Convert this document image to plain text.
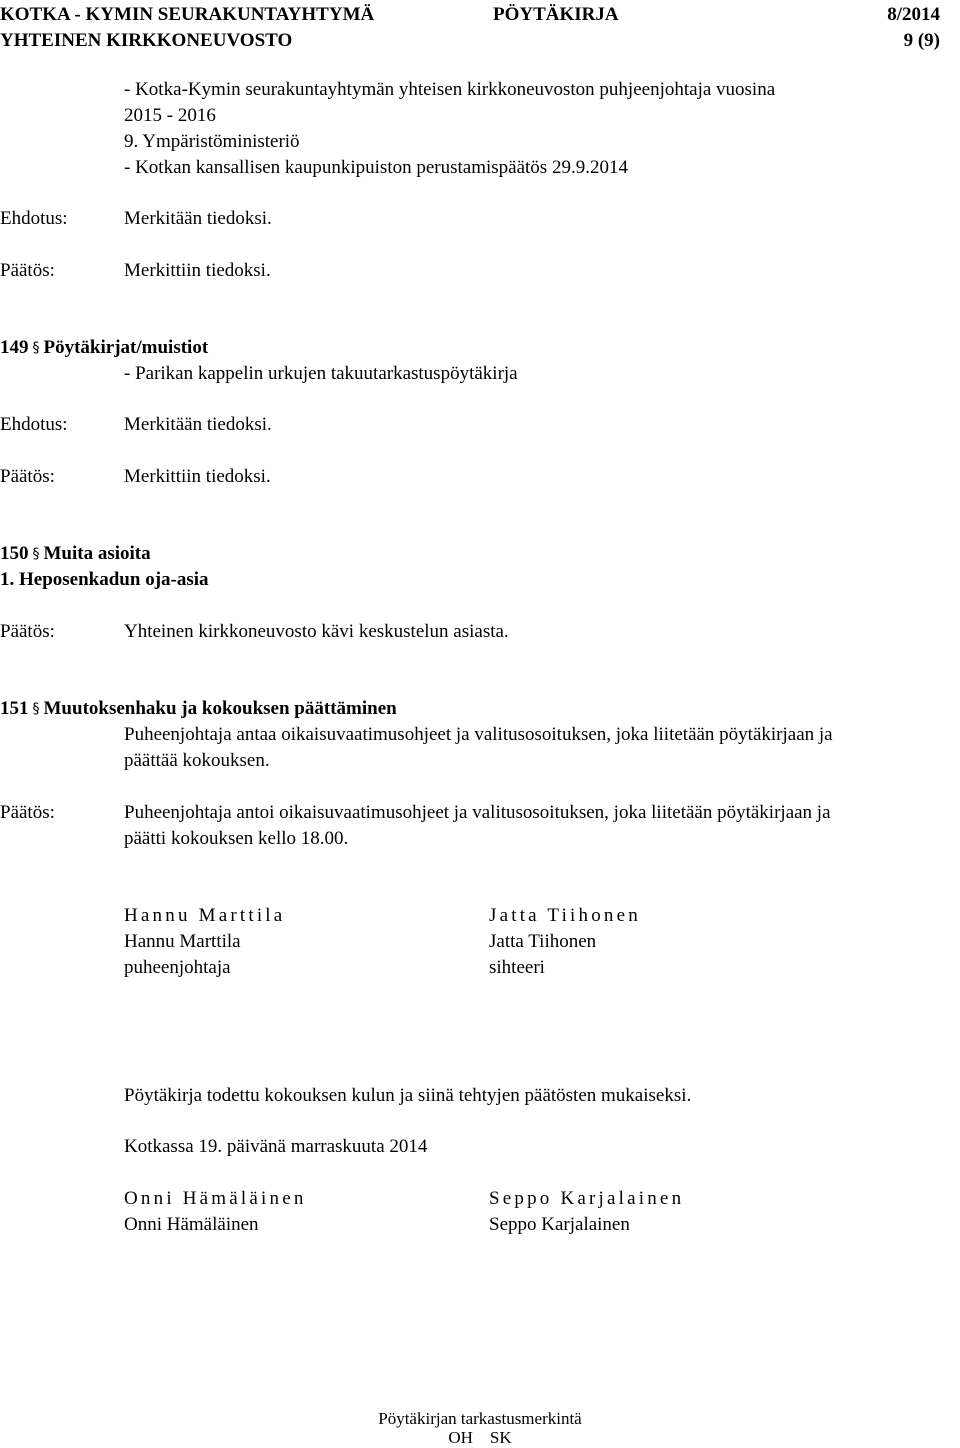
KOTKA - KYMIN SEURAKUNTAYHTYMÄ	PÖYTÄKIRJA	8/2014
YHTEINEN KIRKKONEUVOSTO	9 (9)
- Kotka-Kymin seurakuntayhtymän yhteisen kirkkoneuvoston puhjeenjohtaja vuosina
2015 - 2016
9. Ympäristöministeriö
- Kotkan kansallisen kaupunkipuiston perustamispäätös 29.9.2014
Ehdotus:	Merkitään tiedoksi.
Päätös:	Merkittiin tiedoksi.
149 § Pöytäkirjat/muistiot
- Parikan kappelin urkujen takuutarkastuspöytäkirja
Ehdotus:	Merkitään tiedoksi.
Päätös:	Merkittiin tiedoksi.
150 § Muita asioita
1. Heposenkadun oja-asia
Päätös:	Yhteinen kirkkoneuvosto kävi keskustelun asiasta.
151 § Muutoksenhaku ja kokouksen päättäminen
Puheenjohtaja antaa oikaisuvaatimusohjeet ja valitusosoituksen, joka liitetään pöytäkirjaan ja
päättää kokouksen.
Päätös:	Puheenjohtaja antoi oikaisuvaatimusohjeet ja valitusosoituksen, joka liitetään pöytäkirjaan ja
päätti kokouksen kello 18.00.
Hannu Marttila
Hannu Marttila
puheenjohtaja
Jatta Tiihonen
Jatta Tiihonen
sihteeri
Pöytäkirja todettu kokouksen kulun ja siinä tehtyjen päätösten mukaiseksi.
Kotkassa 19. päivänä marraskuuta 2014
Onni Hämäläinen
Onni Hämäläinen
Seppo Karjalainen
Seppo Karjalainen
Pöytäkirjan tarkastusmerkintä
OH    SK
